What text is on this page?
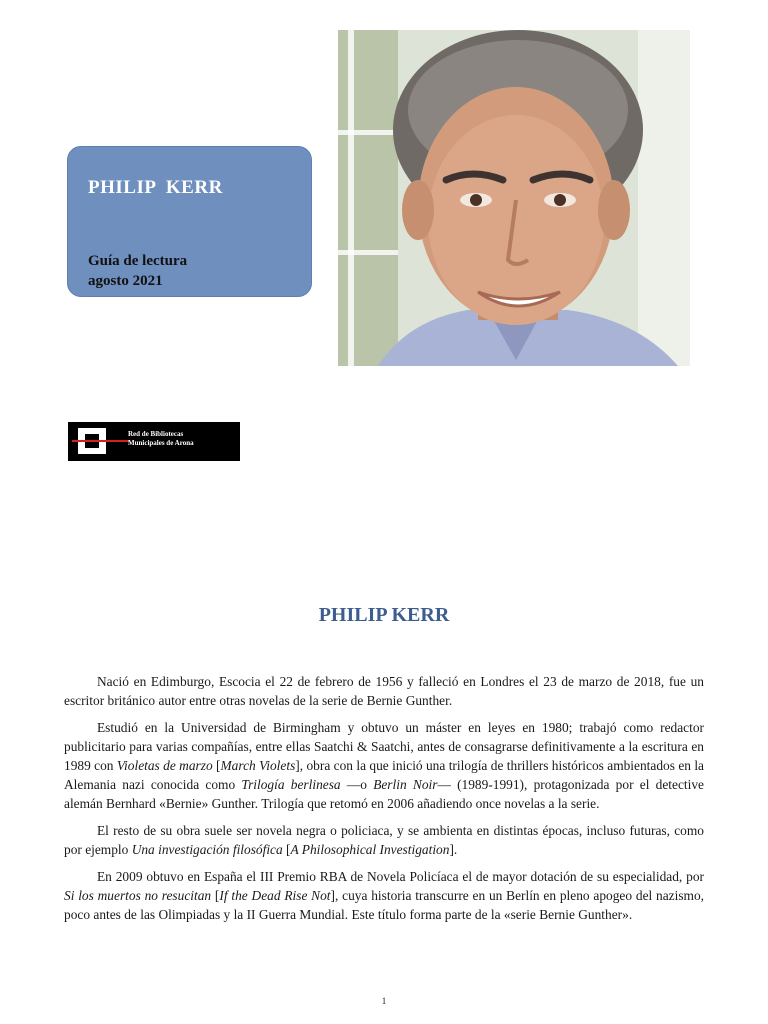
PHILIP  KERR
Guía de lectura
agosto 2021
Red de Bibliotecas
Municipales de Arona
PHILIP KERR

Nació en Edimburgo, Escocia el 22 de febrero de 1956 y falleció en Londres el 23 de marzo de 2018, fue un escritor británico autor entre otras novelas de la serie de Bernie Gunther.

Estudió en la Universidad de Birmingham y obtuvo un máster en leyes en 1980; trabajó como redactor publicitario para varias compañías, entre ellas Saatchi & Saatchi, antes de consagrarse definitivamente a la escritura en 1989 con Violetas de marzo [March Violets], obra con la que inició una trilogía de thrillers históricos ambientados en la Alemania nazi conocida como Trilogía berlinesa —o Berlin Noir— (1989-1991), protagonizada por el detective alemán Bernhard «Bernie» Gunther. Trilogía que retomó en 2006 añadiendo once novelas a la serie.

El resto de su obra suele ser novela negra o policiaca, y se ambienta en distintas épocas, incluso futuras, como por ejemplo Una investigación filosófica [A Philosophical Investigation].

En 2009 obtuvo en España el III Premio RBA de Novela Policíaca el de mayor dotación de su especialidad, por Si los muertos no resucitan [If the Dead Rise Not], cuya historia transcurre en un Berlín en pleno apogeo del nazismo, poco antes de las Olimpiadas y la II Guerra Mundial. Este título forma parte de la «serie Bernie Gunther».

1
